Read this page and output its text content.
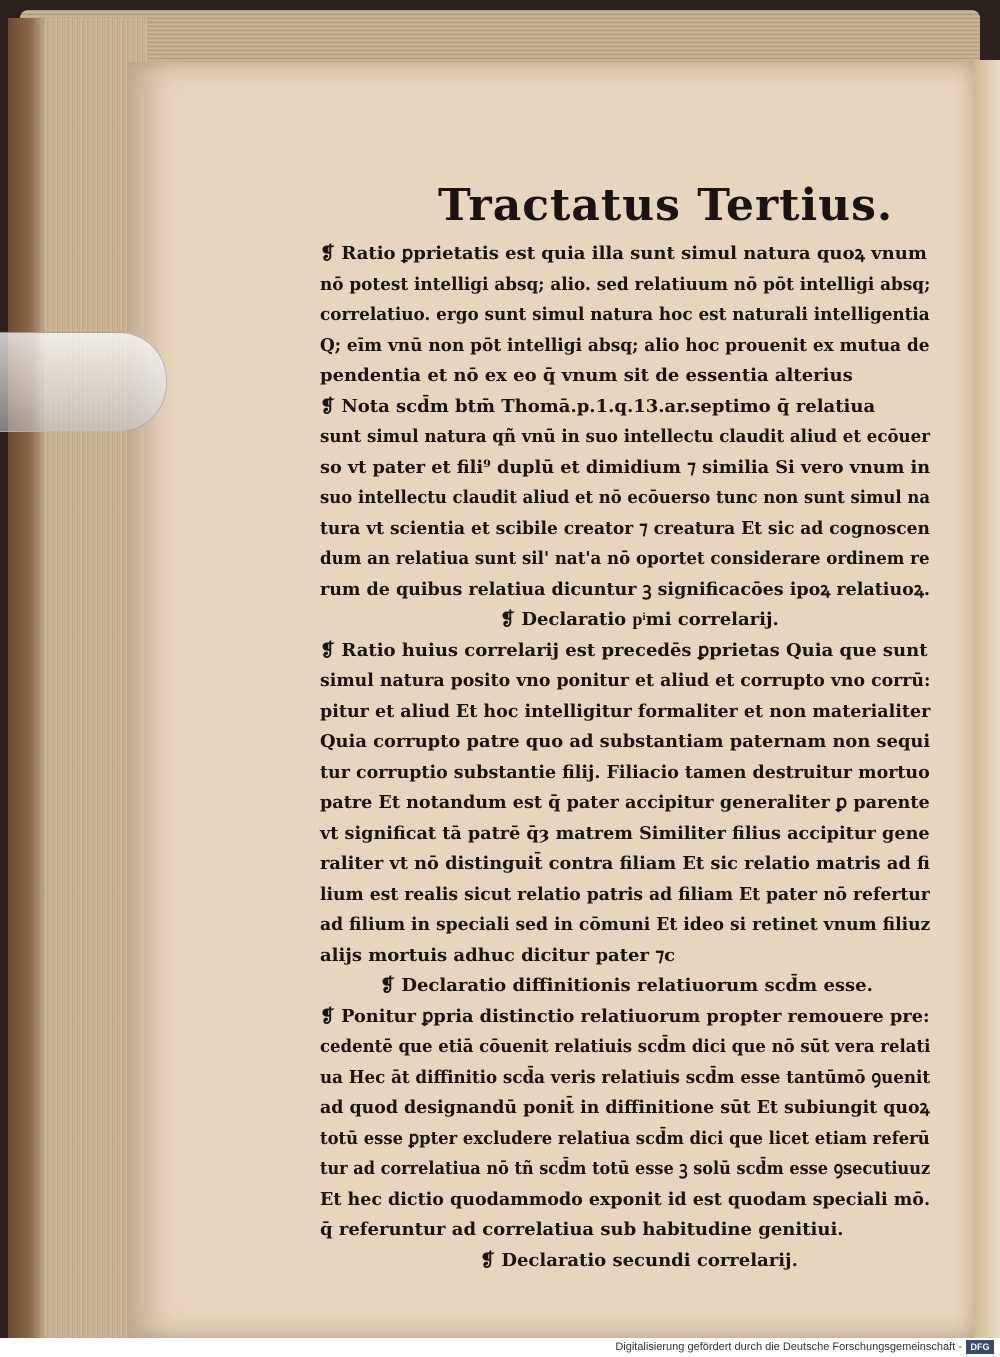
Tractatus Tertius.
❡ Ratio ꝑprietatis est quia illa sunt simul natura quoꝝ vnum
nō potest intelligi absq; alio. sed relatiuum nō pōt intelligi absq;
correlatiuo. ergo sunt simul natura hoc est naturali intelligentia
Q; eīm vnū non pōt intelligi absq; alio hoc prouenit ex mutua de
pendentia et nō ex eo q̄ vnum sit de essentia alterius
❡ Nota scd̄m btm̄ Thomā.p.1.q.13.ar.septimo q̄ relatiua
sunt simul natura qñ vnū in suo intellectu claudit aliud et ecōuer
so vt pater et fili⁹ duplū et dimidium ⁊ similia Si vero vnum in
suo intellectu claudit aliud et nō ecōuerso tunc non sunt simul na
tura vt scientia et scibile creator ⁊ creatura Et sic ad cognoscen
dum an relatiua sunt sil' nat'a nō oportet considerare ordinem re
rum de quibus relatiua dicuntur ꝫ significacōes ipoꝝ relatiuoꝝ.
❡ Declaratio pͥmi correlarij.
❡ Ratio huius correlarij est precedēs ꝑprietas Quia que sunt
simul natura posito vno ponitur et aliud et corrupto vno corrū:
pitur et aliud Et hoc intelligitur formaliter et non materialiter
Quia corrupto patre quo ad substantiam paternam non sequi
tur corruptio substantie filij. Filiacio tamen destruitur mortuo
patre Et notandum est q̄ pater accipitur generaliter ꝑ parente
vt significat tā patrē q̄ȝ matrem Similiter filius accipitur gene
raliter vt nō distinguit̄ contra filiam Et sic relatio matris ad fi
lium est realis sicut relatio patris ad filiam Et pater nō refertur
ad filium in speciali sed in cōmuni Et ideo si retinet vnum filiuz
alijs mortuis adhuc dicitur pater ⁊c
❡ Declaratio diffinitionis relatiuorum scd̄m esse.
❡ Ponitur ꝑpria distinctio relatiuorum propter remouere pre:
cedentē que etiā cōuenit relatiuis scd̄m dici que nō sūt vera relati
ua Hec āt diffinitio scd̄a veris relatiuis scd̄m esse tantūmō ꝯuenit
ad quod designandū ponit̄ in diffinitione sūt Et subiungit quoꝝ
totū esse ꝑpter excludere relatiua scd̄m dici que licet etiam referū
tur ad correlatiua nō tñ scd̄m totū esse ꝫ solū scd̄m esse ꝯsecutiuuz
Et hec dictio quodammodo exponit id est quodam speciali mō.
q̄ referuntur ad correlatiua sub habitudine genitiui.
❡ Declaratio secundi correlarij.
Digitalisierung gefördert durch die Deutsche Forschungsgemeinschaft - DFG
